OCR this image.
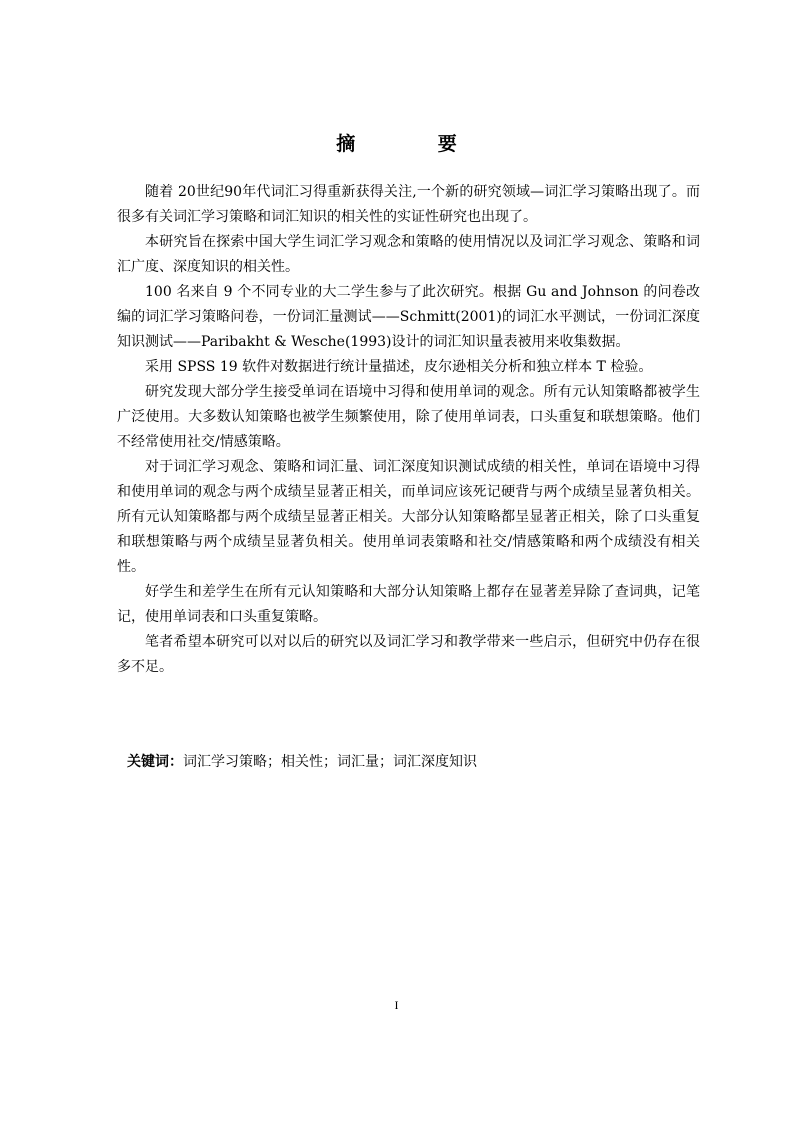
摘 要

随着 20世纪90年代词汇习得重新获得关注,一个新的研究领域—词汇学习策略出现了。而很多有关词汇学习策略和词汇知识的相关性的实证性研究也出现了。

本研究旨在探索中国大学生词汇学习观念和策略的使用情况以及词汇学习观念、策略和词汇广度、深度知识的相关性。

100 名来自 9 个不同专业的大二学生参与了此次研究。根据 Gu and Johnson 的问卷改编的词汇学习策略问卷，一份词汇量测试——Schmitt(2001)的词汇水平测试，一份词汇深度知识测试——Paribakht & Wesche(1993)设计的词汇知识量表被用来收集数据。

采用 SPSS 19 软件对数据进行统计量描述，皮尔逊相关分析和独立样本 T 检验。

研究发现大部分学生接受单词在语境中习得和使用单词的观念。所有元认知策略都被学生广泛使用。大多数认知策略也被学生频繁使用，除了使用单词表，口头重复和联想策略。他们不经常使用社交/情感策略。

对于词汇学习观念、策略和词汇量、词汇深度知识测试成绩的相关性，单词在语境中习得和使用单词的观念与两个成绩呈显著正相关，而单词应该死记硬背与两个成绩呈显著负相关。所有元认知策略都与两个成绩呈显著正相关。大部分认知策略都呈显著正相关，除了口头重复和联想策略与两个成绩呈显著负相关。使用单词表策略和社交/情感策略和两个成绩没有相关性。

好学生和差学生在所有元认知策略和大部分认知策略上都存在显著差异除了查词典，记笔记，使用单词表和口头重复策略。

笔者希望本研究可以对以后的研究以及词汇学习和教学带来一些启示，但研究中仍存在很多不足。

关键词：词汇学习策略；相关性；词汇量；词汇深度知识
I
